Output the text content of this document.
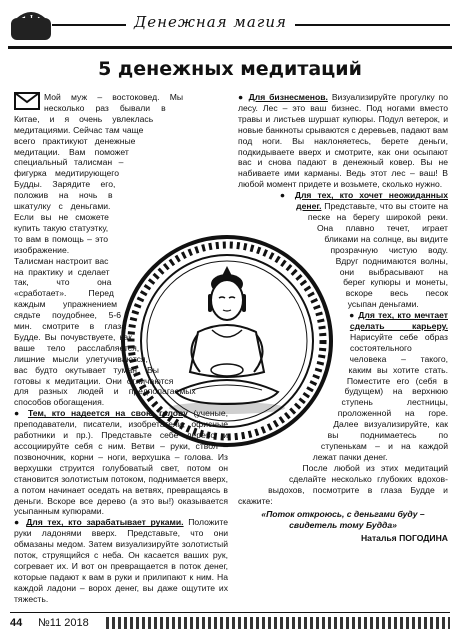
Денежная магия
5 денежных медитаций

Мой муж – востоковед. Мы несколько раз бывали в Китае, и я очень увлеклась медитациями. Сейчас там чаще всего практикуют денежные медитации. Вам поможет специальный талисман – фигурка медитирующего Будды. Зарядите его, положив на ночь в шкатулку с деньгами. Если вы не сможете купить такую статуэтку, то вам в помощь – это изображение. Талисман настроит вас на практику и сделает так, что она «сработает». Перед каждым упражнением сядьте поудобнее, 5-6 мин. смотрите в глаза Будде. Вы почувствуете, как ваше тело расслабляется, лишние мысли улетучиваются, вас будто окутывает туман. Вы готовы к медитации. Они отличаются для разных людей и предполагаемых способов обогащения.

● Тем, кто надеется на свою голову (ученые, преподаватели, писатели, изобретатели, офисные работники и пр.). Представьте себе дерево и ассоциируйте себя с ним. Ветви – руки, ствол – позвоночник, корни – ноги, верхушка – голова. Из верхушки струится голубоватый свет, потом он становится золотистым потоком, поднимается вверх, а потом начинает оседать на ветвях, превращаясь в деньги. Вскоре все дерево (а это вы!) оказывается усыпанным купюрами.

● Для тех, кто зарабатывает руками. Положите руки ладонями вверх. Представьте, что они обмазаны медом. Затем визуализируйте золотистый поток, струящийся с неба. Он касается ваших рук, согревает их. И вот он превращается в поток денег, которые падают к вам в руки и прилипают к ним. На каждой ладони – ворох денег, вы даже ощутите их тяжесть.

● Для бизнесменов. Визуализируйте прогулку по лесу. Лес – это ваш бизнес. Под ногами вместо травы и листьев шуршат купюры. Подул ветерок, и новые банкноты срываются с деревьев, падают вам под ноги. Вы наклоняетесь, берете деньги, подкидываете вверх и смотрите, как они осыпают вас и снова падают в денежный ковер. Вы не набиваете ими карманы. Ведь этот лес – ваш! В любой момент придете и возьмете, сколько нужно.

● Для тех, кто хочет неожиданных денег. Представьте, что вы стоите на песке на берегу широкой реки. Она плавно течет, играет бликами на солнце, вы видите прозрачную чистую воду. Вдруг поднимаются волны, они выбрасывают на берег купюры и монеты, вскоре весь песок усыпан деньгами.

● Для тех, кто мечтает сделать карьеру. Нарисуйте себе образ состоятельного человека – такого, каким вы хотите стать. Поместите его (себя в будущем) на верхнюю ступень лестницы, проложенной на горе. Далее визуализируйте, как вы поднимаетесь по ступенькам – и на каждой лежат пачки денег.

После любой из этих медитаций сделайте несколько глубоких вдохов-выдохов, посмотрите в глаза Будде и скажите:

«Поток откроюсь, с деньгами буду – свидетель тому Будда»

Наталья ПОГОДИНА

44 №11 2018
